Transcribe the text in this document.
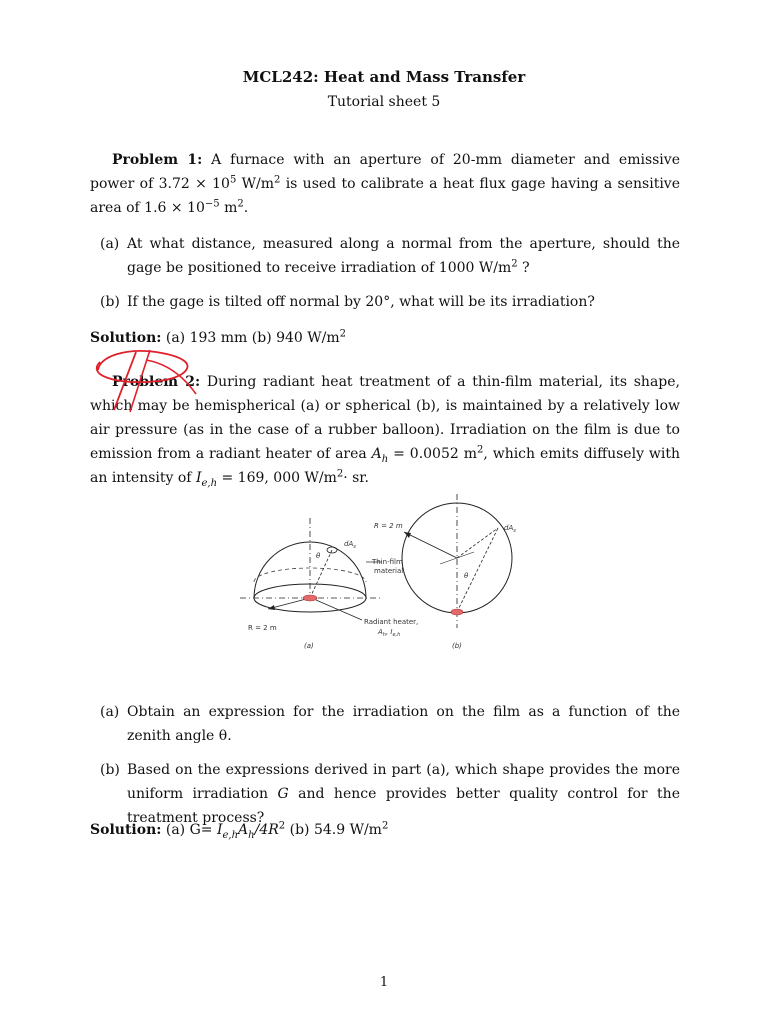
MCL242: Heat and Mass Transfer
Tutorial sheet 5
Problem 1: A furnace with an aperture of 20-mm diameter and emissive power of $3.72 \times 10^5$ $W/m^2$ is used to calibrate a heat flux gage having a sensitive area of $1.6 \times 10^{-5}$ $m^2$.
(a) At what distance, measured along a normal from the aperture, should the gage be positioned to receive irradiation of 1000 $W/m^2$ ?
(b) If the gage is tilted off normal by 20°, what will be its irradiation?
Solution: (a) 193 mm (b) 940 $W/m^2$
Problem 2: During radiant heat treatment of a thin-film material, its shape, which may be hemispherical (a) or spherical (b), is maintained by a relatively low air pressure (as in the case of a rubber balloon). Irradiation on the film is due to emission from a radiant heater of area $A_h = 0.0052$ $m^2$, which emits diffusely with an intensity of $I_{e,h} = 169$, 000 $W/m^2\cdot$ sr.
θ
$dA_s$
Thin-film
material
R = 2 m
Radiant heater,
$A_h$, $I_{e,h}$
(a)
R = 2 m	$dA_s$
θ
(b)
(a) Obtain an expression for the irradiation on the film as a function of the zenith angle θ.
(b) Based on the expressions derived in part (a), which shape provides the more uniform irradiation G and hence provides better quality control for the treatment process?
Solution: (a) $G= I_{e,h}A_h/4R^2$ (b) 54.9 $W/m^2$
1
